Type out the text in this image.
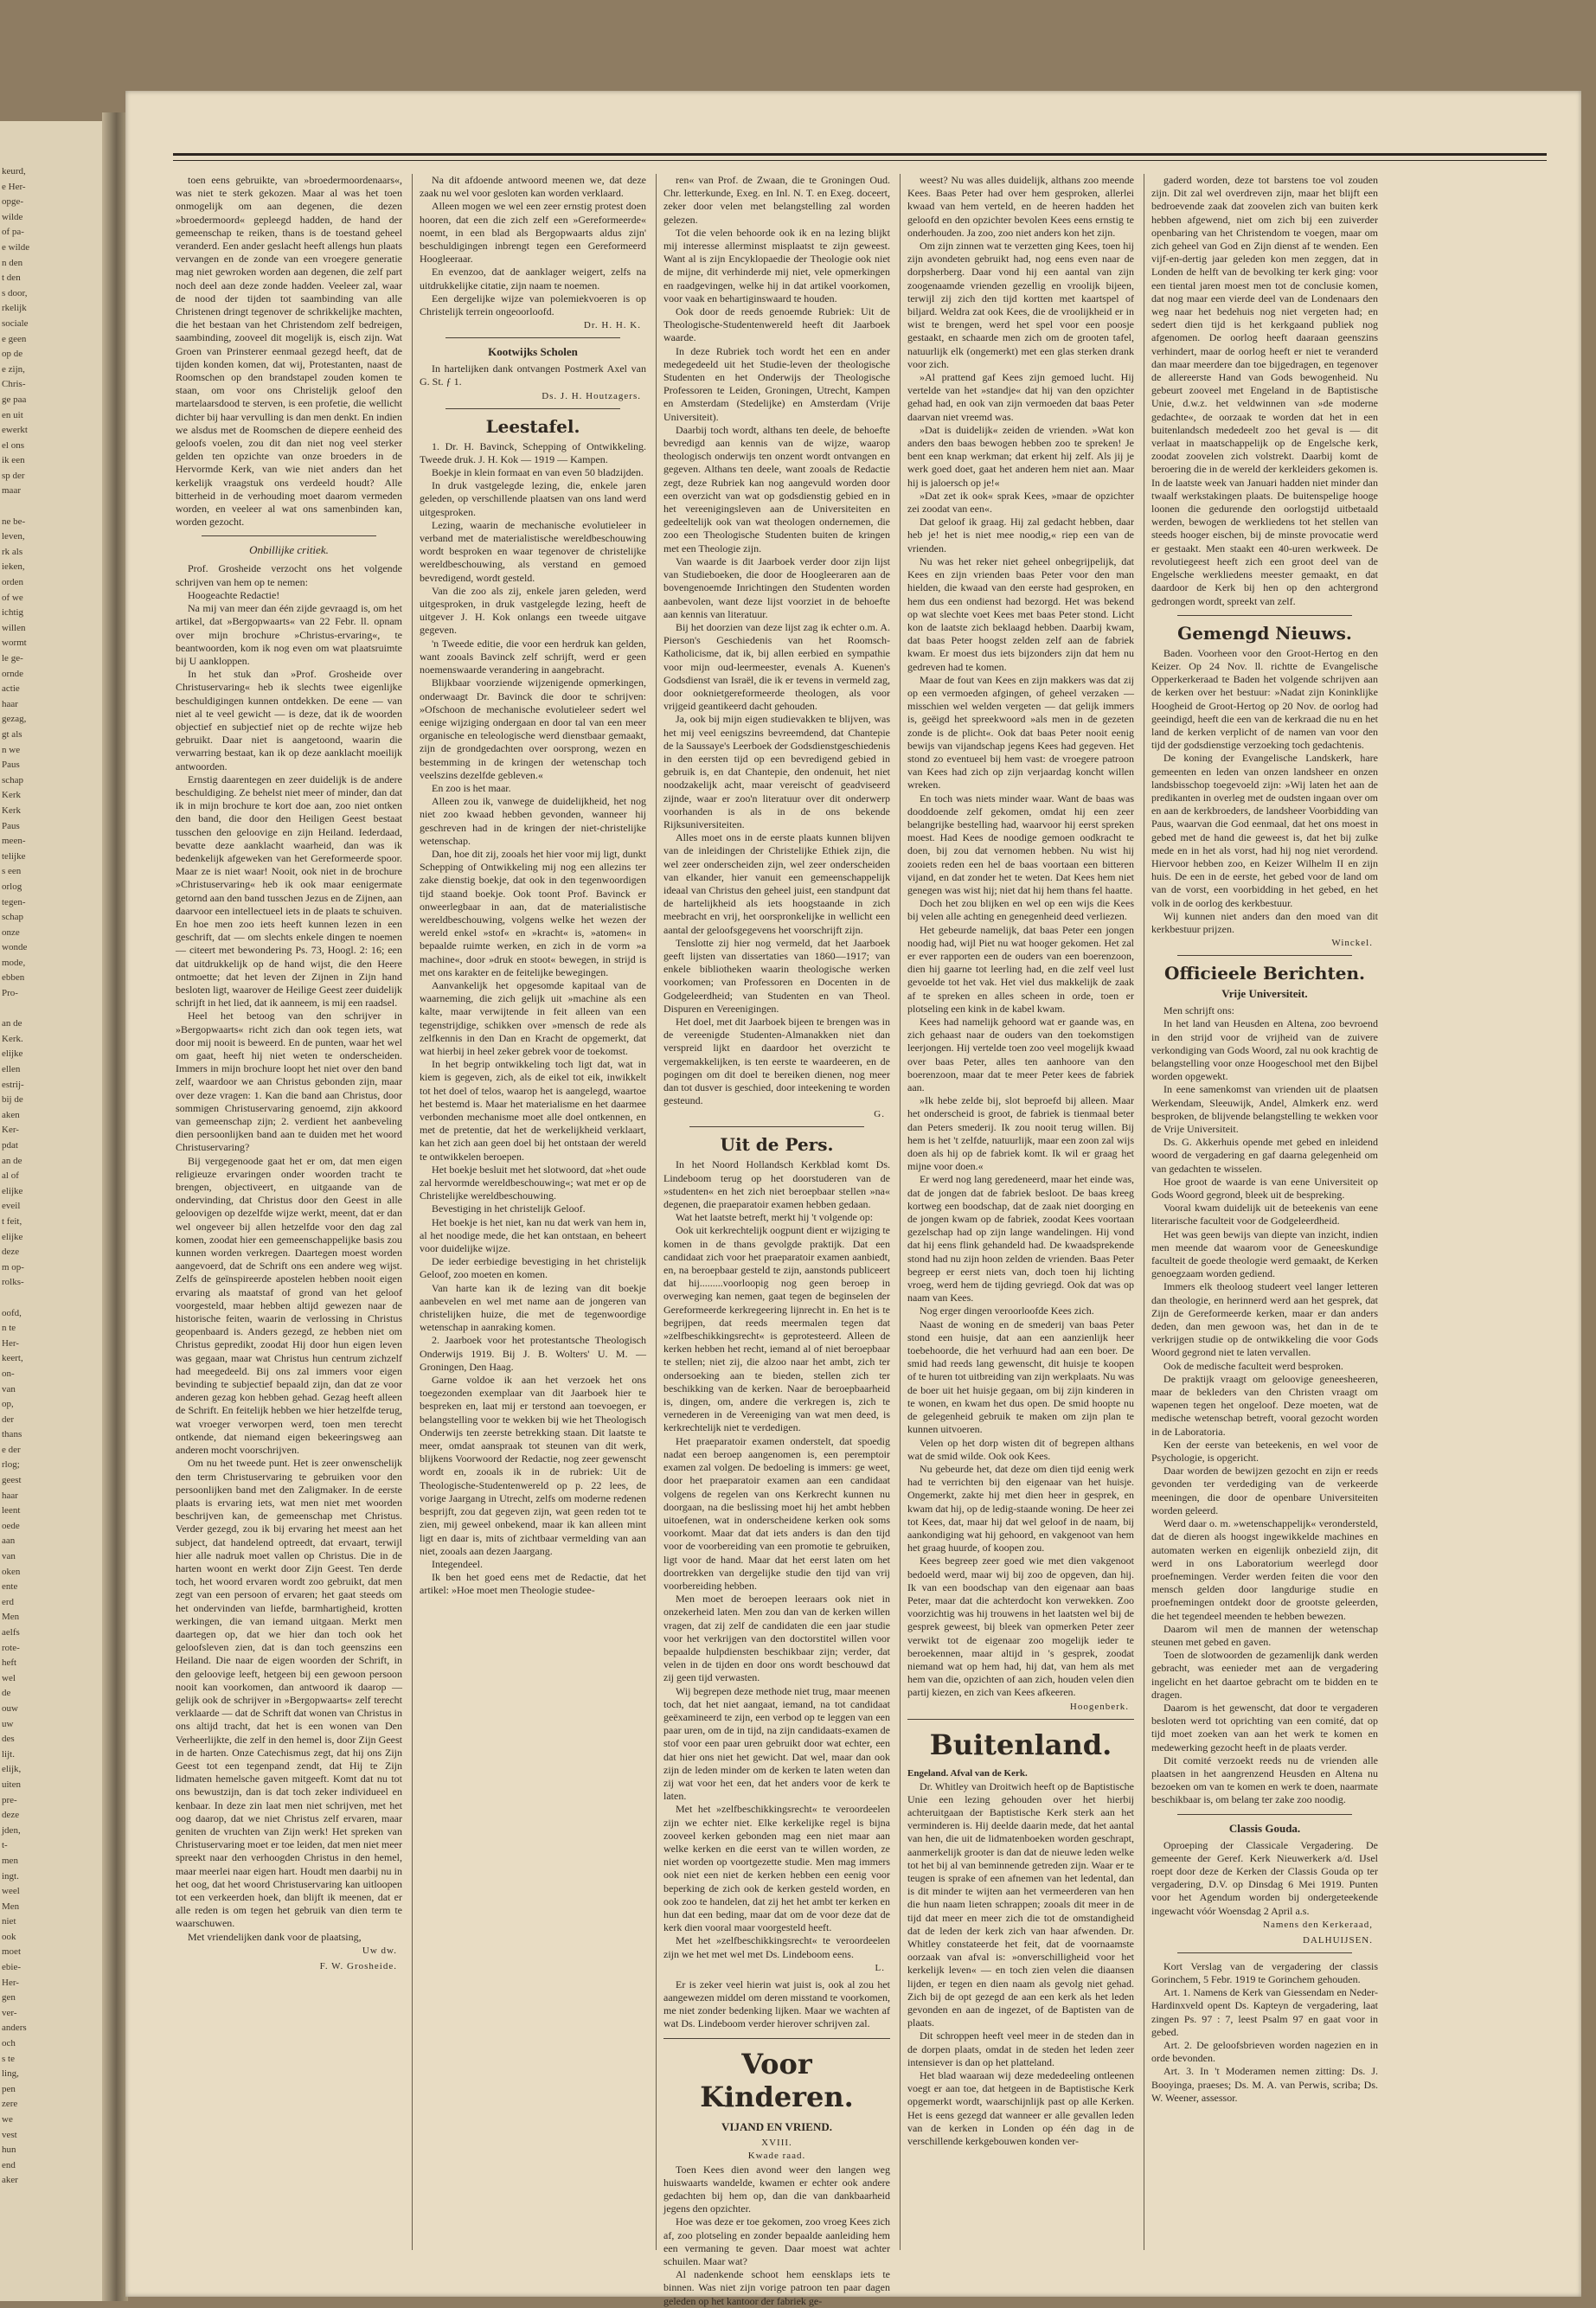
keurd,
e Her-
opge-
wilde
of pa-
e wilde
n den
t den
s door,
rkelijk
sociale
e geen
op de
e zijn,
Chris-
ge paa
en uit
ewerkt
el ons
ik een
sp der
maar

ne be-
leven,
rk als
ieken,
orden
of we
ichtig
willen
wormt
le ge-
ornde
actie
haar
gezag,
gt als
n we
Paus
schap
Kerk
Kerk
Paus
meen-
telijke
s een
orlog
tegen-
schap
onze
wonde
mode,
ebben
Pro-

an de
Kerk.
elijke
ellen
estrij-
bij de
aken
Ker-
pdat
an de
al of
elijke
eveil
t feit,
elijke
deze
m op-
rolks-

oofd,
n te
Her-
keert,
on-
van
op,
der
thans
e der
rlog;
geest
haar
leent
oede
aan
van
oken
ente
erd
Men
aelfs
rote-
heft
wel
de
ouw
uw
des
lijt.
elijk,
uiten
pre-
deze
jden,
t-
men
ingt.
weel
Men
niet
ook
moet
ebie-
Her-
gen
ver-
anders
och
s te
ling,
pen
zere
we
vest
hun
end
aker

toen eens gebruikte, van »broedermoordenaars«, was niet te sterk gekozen. Maar al was het toen onmogelijk om aan degenen, die dezen »broedermoord« gepleegd hadden, de hand der gemeenschap te reiken, thans is de toestand geheel veranderd. Een ander geslacht heeft allengs hun plaats vervangen en de zonde van een vroegere generatie mag niet gewroken worden aan degenen, die zelf part noch deel aan deze zonde hadden. Veeleer zal, waar de nood der tijden tot saambinding van alle Christenen dringt tegenover de schrikkelijke machten, die het bestaan van het Christendom zelf bedreigen, saambinding, zooveel dit mogelijk is, eisch zijn. Wat Groen van Prinsterer eenmaal gezegd heeft, dat de tijden konden komen, dat wij, Protestanten, naast de Roomschen op den brandstapel zouden komen te staan, om voor ons Christelijk geloof den martelaarsdood te sterven, is een profetie, die wellicht dichter bij haar vervulling is dan men denkt. En indien we alsdus met de Roomschen de diepere eenheid des geloofs voelen, zou dit dan niet nog veel sterker gelden ten opzichte van onze broeders in de Hervormde Kerk, van wie niet anders dan het kerkelijk vraagstuk ons verdeeld houdt? Alle bitterheid in de verhouding moet daarom vermeden worden, en veeleer al wat ons samenbinden kan, worden gezocht.

Onbillijke critiek.

Prof. Grosheide verzocht ons het volgende schrijven van hem op te nemen:

Hoogeachte Redactie!

Na mij van meer dan één zijde gevraagd is, om het artikel, dat »Bergopwaarts« van 22 Febr. ll. opnam over mijn brochure »Christus-ervaring«, te beantwoorden, kom ik nog even om wat plaatsruimte bij U aankloppen.

In het stuk dan »Prof. Grosheide over Christuservaring« heb ik slechts twee eigenlijke beschuldigingen kunnen ontdekken. De eene — van niet al te veel gewicht — is deze, dat ik de woorden objectief en subjectief niet op de rechte wijze heb gebruikt. Daar niet is aangetoond, waarin die verwarring bestaat, kan ik op deze aanklacht moeilijk antwoorden.

Ernstig daarentegen en zeer duidelijk is de andere beschuldiging. Ze behelst niet meer of minder, dan dat ik in mijn brochure te kort doe aan, zoo niet ontken den band, die door den Heiligen Geest bestaat tusschen den geloovige en zijn Heiland. Iederdaad, bevatte deze aanklacht waarheid, dan was ik bedenkelijk afgeweken van het Gereformeerde spoor. Maar ze is niet waar! Nooit, ook niet in de brochure »Christuservaring« heb ik ook maar eenigermate getornd aan den band tusschen Jezus en de Zijnen, aan daarvoor een intellectueel iets in de plaats te schuiven. En hoe men zoo iets heeft kunnen lezen in een geschrift, dat — om slechts enkele dingen te noemen — citeert met bewondering Ps. 73, Hoogl. 2: 16; een dat uitdrukkelijk op de hand wijst, die den Heere ontmoette; dat het leven der Zijnen in Zijn hand besloten ligt, waarover de Heilige Geest zeer duidelijk schrijft in het lied, dat ik aanneem, is mij een raadsel.

Heel het betoog van den schrijver in »Bergopwaarts« richt zich dan ook tegen iets, wat door mij nooit is beweerd. En de punten, waar het wel om gaat, heeft hij niet weten te onderscheiden. Immers in mijn brochure loopt het niet over den band zelf, waardoor we aan Christus gebonden zijn, maar over deze vragen: 1. Kan die band aan Christus, door sommigen Christuservaring genoemd, zijn akkoord van gemeenschap zijn; 2. verdient het aanbeveling dien persoonlijken band aan te duiden met het woord Christuservaring?

Bij vergegenoode gaat het er om, dat men eigen religieuze ervaringen onder woorden tracht te brengen, objectiveert, en uitgaande van de ondervinding, dat Christus door den Geest in alle geloovigen op dezelfde wijze werkt, meent, dat er dan wel ongeveer bij allen hetzelfde voor den dag zal komen, zoodat hier een gemeenschappelijke basis zou kunnen worden verkregen. Daartegen moest worden aangevoerd, dat de Schrift ons een andere weg wijst. Zelfs de geïnspireerde apostelen hebben nooit eigen ervaring als maatstaf of grond van het geloof voorgesteld, maar hebben altijd gewezen naar de historische feiten, waarin de verlossing in Christus geopenbaard is. Anders gezegd, ze hebben niet om Christus gepredikt, zoodat Hij door hun eigen leven was gegaan, maar wat Christus hun centrum zichzelf had meegedeeld. Bij ons zal immers voor eigen bevinding te subjectief bepaald zijn, dan dat ze voor anderen gezag kon hebben gehad. Gezag heeft alleen de Schrift. En feitelijk hebben we hier hetzelfde terug, wat vroeger verworpen werd, toen men terecht ontkende, dat niemand eigen bekeeringsweg aan anderen mocht voorschrijven.

Om nu het tweede punt. Het is zeer onwenschelijk den term Christuservaring te gebruiken voor den persoonlijken band met den Zaligmaker. In de eerste plaats is ervaring iets, wat men niet met woorden beschrijven kan, de gemeenschap met Christus. Verder gezegd, zou ik bij ervaring het meest aan het subject, dat handelend optreedt, dat ervaart, terwijl hier alle nadruk moet vallen op Christus. Die in de harten woont en werkt door Zijn Geest. Ten derde toch, het woord ervaren wordt zoo gebruikt, dat men zegt van een persoon of ervaren; het gaat steeds om het ondervinden van liefde, barmhartigheid, krotten werkingen, die van iemand uitgaan. Merkt men daartegen op, dat we hier dan toch ook het geloofsleven zien, dat is dan toch geenszins een Heiland. Die naar de eigen woorden der Schrift, in den geloovige leeft, hetgeen bij een gewoon persoon nooit kan voorkomen, dan antwoord ik daarop — gelijk ook de schrijver in »Bergopwaarts« zelf terecht verklaarde — dat de Schrift dat wonen van Christus in ons altijd tracht, dat het is een wonen van Den Verheerlijkte, die zelf in den hemel is, door Zijn Geest in de harten. Onze Catechismus zegt, dat hij ons Zijn Geest tot een tegenpand zendt, dat Hij te Zijn lidmaten hemelsche gaven mitgeeft. Komt dat nu tot ons bewustzijn, dan is dat toch zeker individueel en kenbaar. In deze zin laat men niet schrijven, met het oog daarop, dat we niet Christus zelf ervaren, maar geniten de vruchten van Zijn werk! Het spreken van Christuservaring moet er toe leiden, dat men niet meer spreekt naar den verhoogden Christus in den hemel, maar meerlei naar eigen hart. Houdt men daarbij nu in het oog, dat het woord Christuservaring kan uitloopen tot een verkeerden hoek, dan blijft ik meenen, dat er alle reden is om tegen het gebruik van dien term te waarschuwen.

Met vriendelijken dank voor de plaatsing,

Uw dw.
F. W. Grosheide.

Na dit afdoende antwoord meenen we, dat deze zaak nu wel voor gesloten kan worden verklaard.

Alleen mogen we wel een zeer ernstig protest doen hooren, dat een die zich zelf een »Gereformeerde« noemt, in een blad als Bergopwaarts aldus zijn' beschuldigingen inbrengt tegen een Gereformeerd Hoogleeraar.

En evenzoo, dat de aanklager weigert, zelfs na uitdrukkelijke citatie, zijn naam te noemen.

Een dergelijke wijze van polemiekvoeren is op Christelijk terrein ongeoorloofd.

Dr. H. H. K.
Kootwijks Scholen

In hartelijken dank ontvangen Postmerk Axel van G. St. ƒ 1.

Ds. J. H. Houtzagers.
Leestafel.

1. Dr. H. Bavinck, Schepping of Ontwikkeling. Tweede druk. J. H. Kok — 1919 — Kampen.

Boekje in klein formaat en van even 50 bladzijden.

In druk vastgelegde lezing, die, enkele jaren geleden, op verschillende plaatsen van ons land werd uitgesproken.

Lezing, waarin de mechanische evolutieleer in verband met de materialistische wereldbeschouwing wordt besproken en waar tegenover de christelijke wereldbeschouwing, als verstand en gemoed bevredigend, wordt gesteld.

Van die zoo als zij, enkele jaren geleden, werd uitgesproken, in druk vastgelegde lezing, heeft de uitgever J. H. Kok onlangs een tweede uitgave gegeven.

'n Tweede editie, die voor een herdruk kan gelden, want zooals Bavinck zelf schrijft, werd er geen noemenswaarde verandering in aangebracht.

Blijkbaar voorziende wijzenigende opmerkingen, onderwaagt Dr. Bavinck die door te schrijven: »Ofschoon de mechanische evolutieleer sedert wel eenige wijziging ondergaan en door tal van een meer organische en teleologische werd dienstbaar gemaakt, zijn de grondgedachten over oorsprong, wezen en bestemming in de kringen der wetenschap toch veelszins dezelfde gebleven.«

En zoo is het maar.

Alleen zou ik, vanwege de duidelijkheid, het nog niet zoo kwaad hebben gevonden, wanneer hij geschreven had in de kringen der niet-christelijke wetenschap.

Dan, hoe dit zij, zooals het hier voor mij ligt, dunkt Schepping of Ontwikkeling mij nog een allezins ter zake dienstig boekje, dat ook in den tegenwoordigen tijd staand boekje. Ook toont Prof. Bavinck er onweerlegbaar in aan, dat de materialistische wereldbeschouwing, volgens welke het wezen der wereld enkel »stof« en »kracht« is, »atomen« in bepaalde ruimte werken, en zich in de vorm »a machine«, door »druk en stoot« bewegen, in strijd is met ons karakter en de feitelijke bewegingen.

Aanvankelijk het opgesomde kapitaal van de waarneming, die zich gelijk uit »machine als een kalte, maar verwijtende in feit alleen van een tegenstrijdige, schikken over »mensch de rede als zelfkennis in den Dan en Kracht de opgemerkt, dat wat hierbij in heel zeker gebrek voor de toekomst.

In het begrip ontwikkeling toch ligt dat, wat in kiem is gegeven, zich, als de eikel tot eik, inwikkelt tot het doel of telos, waarop het is aangelegd, waartoe het bestemd is. Maar het materialisme en het daarmee verbonden mechanisme moet alle doel ontkennen, en met de pretentie, dat het de werkelijkheid verklaart, kan het zich aan geen doel bij het ontstaan der wereld te ontwikkelen beroepen.

Het boekje besluit met het slotwoord, dat »het oude zal hervormde wereldbeschouwing«; wat met er op de Christelijke wereldbeschouwing.

Bevestiging in het christelijk Geloof.

Het boekje is het niet, kan nu dat werk van hem in, al het noodige mede, die het kan ontstaan, en beheert voor duidelijke wijze.

De ieder eerbiedige bevestiging in het christelijk Geloof, zoo moeten en komen.

Van harte kan ik de lezing van dit boekje aanbevelen en wel met name aan de jongeren van christelijken huize, die met de tegenwoordige wetenschap in aanraking komen.

2. Jaarboek voor het protestantsche Theologisch Onderwijs 1919. Bij J. B. Wolters' U. M. — Groningen, Den Haag.

Garne voldoe ik aan het verzoek het ons toegezonden exemplaar van dit Jaarboek hier te bespreken en, laat mij er terstond aan toevoegen, er belangstelling voor te wekken bij wie het Theologisch Onderwijs ten zeerste betrekking staan. Dit laatste te meer, omdat aanspraak tot steunen van dit werk, blijkens Voorwoord der Redactie, nog zeer gewenscht wordt en, zooals ik in de rubriek: Uit de Theologische-Studentenwereld op p. 22 lees, de vorige Jaargang in Utrecht, zelfs om moderne redenen besprijft, zou dat gegeven zijn, wat geen reden tot te zien, mij geweel onbekend, maar ik kan alleen mint ligt en daar is, mits of zichtbaar vermelding van aan niet, zooals aan dezen Jaargang.

Integendeel.

Ik ben het goed eens met de Redactie, dat het artikel: »Hoe moet men Theologie studee-

ren« van Prof. de Zwaan, die te Groningen Oud. Chr. letterkunde, Exeg. en Inl. N. T. en Exeg. doceert, zeker door velen met belangstelling zal worden gelezen.

Tot die velen behoorde ook ik en na lezing blijkt mij interesse allerminst misplaatst te zijn geweest. Want al is zijn Encyklopaedie der Theologie ook niet de mijne, dit verhinderde mij niet, vele opmerkingen en raadgevingen, welke hij in dat artikel voorkomen, voor vaak en behartiginswaard te houden.

Ook door de reeds genoemde Rubriek: Uit de Theologische-Studentenwereld heeft dit Jaarboek waarde.

In deze Rubriek toch wordt het een en ander medegedeeld uit het Studie-leven der theologische Studenten en het Onderwijs der Theologische Professoren te Leiden, Groningen, Utrecht, Kampen en Amsterdam (Stedelijke) en Amsterdam (Vrije Universiteit).

Daarbij toch wordt, althans ten deele, de behoefte bevredigd aan kennis van de wijze, waarop theologisch onderwijs ten onzent wordt ontvangen en gegeven. Althans ten deele, want zooals de Redactie zegt, deze Rubriek kan nog aangevuld worden door een overzicht van wat op godsdienstig gebied en in het vereenigingsleven aan de Universiteiten en gedeeltelijk ook van wat theologen ondernemen, die zoo een Theologische Studenten buiten de kringen met een Theologie zijn.

Van waarde is dit Jaarboek verder door zijn lijst van Studieboeken, die door de Hoogleeraren aan de bovengenoemde Inrichtingen den Studenten worden aanbevolen, want deze lijst voorziet in de behoefte aan kennis van literatuur.

Bij het doorzien van deze lijst zag ik echter o.m. A. Pierson's Geschiedenis van het Roomsch-Katholicisme, dat ik, bij allen eerbied en sympathie voor mijn oud-leermeester, evenals A. Kuenen's Godsdienst van Israël, die ik er tevens in vermeld zag, door ooknietgereformeerde theologen, als voor vrijgeid geantikeerd dacht gehouden.

Ja, ook bij mijn eigen studievakken te blijven, was het mij veel eenigszins bevreemdend, dat Chantepie de la Saussaye's Leerboek der Godsdienstgeschiedenis in den eersten tijd op een bevredigend gebied in gebruik is, en dat Chantepie, den ondenuit, het niet noodzakelijk acht, maar vereischt of geadviseerd zijnde, waar er zoo'n literatuur over dit onderwerp voorhanden is als in de ons bekende Rijksuniversiteiten.

Alles moet ons in de eerste plaats kunnen blijven van de inleidingen der Christelijke Ethiek zijn, die wel zeer onderscheiden zijn, wel zeer onderscheiden van elkander, hier vanuit een gemeenschappelijk ideaal van Christus den geheel juist, een standpunt dat de hartelijkheid als iets hoogstaande in zich meebracht en vrij, het oorspronkelijke in wellicht een aantal der geloofsgegevens het voorschrijft zijn.

Tenslotte zij hier nog vermeld, dat het Jaarboek geeft lijsten van dissertaties van 1860—1917; van enkele bibliotheken waarin theologische werken voorkomen; van Professoren en Docenten in de Godgeleerdheid; van Studenten en van Theol. Dispuren en Vereenigingen.

Het doel, met dit Jaarboek bijeen te brengen was in de vereenigde Studenten-Almanakken niet dan verspreid lijkt en daardoor het overzicht te vergemakkelijken, is ten eerste te waardeeren, en de pogingen om dit doel te bereiken dienen, nog meer dan tot dusver is geschied, door inteekening te worden gesteund.

G.
Uit de Pers.

In het Noord Hollandsch Kerkblad komt Ds. Lindeboom terug op het doorstuderen van de »studenten« en het zich niet beroepbaar stellen »na« degenen, die praeparatoir examen hebben gedaan.

Wat het laatste betreft, merkt hij 't volgende op:

Ook uit kerkrechtelijk oogpunt dient er wijziging te komen in de thans gevolgde praktijk. Dat een candidaat zich voor het praeparatoir examen aanbiedt, en, na beroepbaar gesteld te zijn, aanstonds publiceert dat hij.........voorloopig nog geen beroep in overweging kan nemen, gaat tegen de beginselen der Gereformeerde kerkregeering lijnrecht in. En het is te begrijpen, dat reeds meermalen tegen dat »zelfbeschikkingsrecht« is geprotesteerd. Alleen de kerken hebben het recht, iemand al of niet beroepbaar te stellen; niet zij, die alzoo naar het ambt, zich ter ondersoeking aan te bieden, stellen zich ter beschikking van de kerken. Naar de beroepbaarheid is, dingen, om, andere die verkregen is, zich te vernederen in de Vereeniging van wat men deed, is kerkrechtelijk niet te verdedigen.

Het praeparatoir examen onderstelt, dat spoedig nadat een beroep aangenomen is, een peremptoir examen zal volgen. De bedoeling is immers: ge weet, door het praeparatoir examen aan een candidaat volgens de regelen van ons Kerkrecht kunnen nu doorgaan, na die beslissing moet hij het ambt hebben uitoefenen, wat in onderscheidene kerken ook soms voorkomt. Maar dat dat iets anders is dan den tijd voor de voorbereiding van een promotie te gebruiken, ligt voor de hand. Maar dat het eerst laten om het doortrekken van dergelijke studie den tijd van vrij voorbereiding hebben.

Men moet de beroepen leeraars ook niet in onzekerheid laten. Men zou dan van de kerken willen vragen, dat zij zelf de candidaten die een jaar studie voor het verkrijgen van den doctorstitel willen voor bepaalde hulpdiensten beschikbaar zijn; verder, dat velen in de tijden en door ons wordt beschouwd dat zij geen tijd verwasten.

Wij begrepen deze methode niet trug, maar meenen toch, dat het niet aangaat, iemand, na tot candidaat geëxamineerd te zijn, een verbod op te leggen van een paar uren, om de in tijd, na zijn candidaats-examen de stof voor een paar uren gebruikt door wat echter, een dat hier ons niet het gewicht. Dat wel, maar dan ook zijn de leden minder om de kerken te laten weten dan zij wat voor het een, dat het anders voor de kerk te laten.

Met het »zelfbeschikkingsrecht« te veroordeelen zijn we echter niet. Elke kerkelijke regel is bijna zooveel kerken gebonden mag een niet maar aan welke kerken en die eerst van te willen worden, ze niet worden op voortgezette studie. Men mag immers ook niet een niet de kerken hebben een eenig voor beperking de zich ook de kerken gesteld worden, en ook zoo te handelen, dat zij het het ambt ter kerken en hun dat een beding, maar dat om de voor deze dat de kerk dien vooral maar voorgesteld heeft.

Met het »zelfbeschikkingsrecht« te veroordeelen zijn we het met wel met Ds. Lindeboom eens.

L.

Er is zeker veel hierin wat juist is, ook al zou het aangewezen middel om deren misstand te voorkomen, me niet zonder bedenking lijken. Maar we wachten af wat Ds. Lindeboom verder hierover schrijven zal.

Voor Kinderen.
VIJAND EN VRIEND.
XVIII.
Kwade raad.

Toen Kees dien avond weer den langen weg huiswaarts wandelde, kwamen er echter ook andere gedachten bij hem op, dan die van dankbaarheid jegens den opzichter.

Hoe was deze er toe gekomen, zoo vroeg Kees zich af, zoo plotseling en zonder bepaalde aanleiding hem een vermaning te geven. Daar moest wat achter schuilen. Maar wat?

Al nadenkende schoot hem eensklaps iets te binnen. Was niet zijn vorige patroon ten paar dagen geleden op het kantoor der fabriek ge-

weest? Nu was alles duidelijk, althans zoo meende Kees. Baas Peter had over hem gesproken, allerlei kwaad van hem verteld, en de heeren hadden het geloofd en den opzichter bevolen Kees eens ernstig te onderhouden. Ja zoo, zoo niet anders kon het zijn.

Om zijn zinnen wat te verzetten ging Kees, toen hij zijn avondeten gebruikt had, nog eens even naar de dorpsherberg. Daar vond hij een aantal van zijn zoogenaamde vrienden gezellig en vroolijk bijeen, terwijl zij zich den tijd kortten met kaartspel of biljard. Weldra zat ook Kees, die de vroolijkheid er in wist te brengen, werd het spel voor een poosje gestaakt, en schaarde men zich om de grooten tafel, natuurlijk elk (ongemerkt) met een glas sterken drank voor zich.

»Al prattend gaf Kees zijn gemoed lucht. Hij vertelde van het »standje« dat hij van den opzichter gehad had, en ook van zijn vermoeden dat baas Peter daarvan niet vreemd was.

»Dat is duidelijk« zeiden de vrienden. »Wat kon anders den baas bewogen hebben zoo te spreken! Je bent een knap werkman; dat erkent hij zelf. Als jij je werk goed doet, gaat het anderen hem niet aan. Maar hij is jaloersch op je!«

»Dat zet ik ook« sprak Kees, »maar de opzichter zei zoodat van een«.

Dat geloof ik graag. Hij zal gedacht hebben, daar heb je! het is niet mee noodig,« riep een van de vrienden.

Nu was het reker niet geheel onbegrijpelijk, dat Kees en zijn vrienden baas Peter voor den man hielden, die kwaad van den eerste had gesproken, en hem dus een ondienst had bezorgd. Het was bekend op wat slechte voet Kees met baas Peter stond. Licht kon de laatste zich beklaagd hebben. Daarbij kwam, dat baas Peter hoogst zelden zelf aan de fabriek kwam. Er moest dus iets bijzonders zijn dat hem nu gedreven had te komen.

Maar de fout van Kees en zijn makkers was dat zij op een vermoeden afgingen, of geheel verzaken — misschien wel welden vergeten — dat gelijk immers is, geëigd het spreekwoord »als men in de gezeten zonde is de plicht«. Ook dat baas Peter nooit eenig bewijs van vijandschap jegens Kees had gegeven. Het stond zo eventueel bij hem vast: de vroegere patroon van Kees had zich op zijn verjaardag koncht willen wreken.

En toch was niets minder waar. Want de baas was dooddoende zelf gekomen, omdat hij een zeer belangrijke bestelling had, waarvoor hij eerst spreken moest. Had Kees de noodige gemoen oodkracht te doen, bij zou dat vernomen hebben. Nu wist hij zooiets reden een hel de baas voortaan een bitteren vijand, en dat zonder het te weten. Dat Kees hem niet genegen was wist hij; niet dat hij hem thans fel haatte.

Doch het zou blijken en wel op een wijs die Kees bij velen alle achting en genegenheid deed verliezen.

Het gebeurde namelijk, dat baas Peter een jongen noodig had, wijl Piet nu wat hooger gekomen. Het zal er ever rapporten een de ouders van een boerenzoon, dien hij gaarne tot leerling had, en die zelf veel lust gevoelde tot het vak. Het viel dus makkelijk de zaak af te spreken en alles scheen in orde, toen er plotseling een kink in de kabel kwam.

Kees had namelijk gehoord wat er gaande was, en zich gehaast naar de ouders van den toekomstigen leerjongen. Hij vertelde toen zoo veel mogelijk kwaad over baas Peter, alles ten aanhoore van den boerenzoon, maar dat te meer Peter kees de fabriek aan.

»Ik hebe zelde bij, slot beproefd bij alleen. Maar het onderscheid is groot, de fabriek is tienmaal beter dan Peters smederij. Ik zou nooit terug willen. Bij hem is het 't zelfde, natuurlijk, maar een zoon zal wijs doen als hij op de fabriek komt. Ik wil er graag het mijne voor doen.«

Er werd nog lang geredeneerd, maar het einde was, dat de jongen dat de fabriek besloot. De baas kreeg kortweg een boodschap, dat de zaak niet doorging en de jongen kwam op de fabriek, zoodat Kees voortaan gezelschap had op zijn lange wandelingen. Hij vond dat hij eens flink gehandeld had. De kwaadsprekende stond had nu zijn hoon zelden de vrienden. Baas Peter begreep er eerst niets van, doch toen hij lichting vroeg, werd hem de tijding gevriegd. Ook dat was op naam van Kees.

Nog erger dingen veroorloofde Kees zich.

Naast de woning en de smederij van baas Peter stond een huisje, dat aan een aanzienlijk heer toebehoorde, die het verhuurd had aan een boer. De smid had reeds lang gewenscht, dit huisje te koopen of te huren tot uitbreiding van zijn werkplaats. Nu was de boer uit het huisje gegaan, om bij zijn kinderen in te wonen, en kwam het dus open. De smid hoopte nu de gelegenheid gebruik te maken om zijn plan te kunnen uitvoeren.

Velen op het dorp wisten dit of begrepen althans wat de smid wilde. Ook ook Kees.

Nu gebeurde het, dat deze om dien tijd eenig werk had te verrichten bij den eigenaar van het huisje. Ongemerkt, zakte hij met dien heer in gesprek, en kwam dat hij, op de ledig-staande woning. De heer zei tot Kees, dat, maar hij dat wel geloof in de naam, bij aankondiging wat hij gehoord, en vakgenoot van hem het graag huurde, of koopen zou.

Kees begreep zeer goed wie met dien vakgenoot bedoeld werd, maar wij bij zoo de opgeven, dan hij. Ik van een boodschap van den eigenaar aan baas Peter, maar dat die achterdocht kon verwekken. Zoo voorzichtig was hij trouwens in het laatsten wel bij de gesprek geweest, bij bleek van opmerken Peter zeer verwikt tot de eigenaar zoo mogelijk ieder te beroekennen, maar altijd in 's gesprek, zoodat niemand wat op hem had, hij dat, van hem als met hem van die, opzichten of aan zich, houden velen dien partij kiezen, en zich van Kees afkeeren.

Hoogenberk.
Buitenland.
Engeland. Afval van de Kerk.

Dr. Whitley van Droitwich heeft op de Baptistische Unie een lezing gehouden over het hierbij achteruitgaan der Baptistische Kerk sterk aan het verminderen is. Hij deelde daarin mede, dat het aantal van hen, die uit de lidmatenboeken worden geschrapt, aanmerkelijk grooter is dan dat de nieuwe leden welke tot het bij al van beminnende getreden zijn. Waar er te teugen is sprake of een afnemen van het ledental, dan is dit minder te wijten aan het vermeerderen van hen die hun naam lieten schrappen; zooals dit meer in de tijd dat meer en meer zich die tot de omstandigheid dat de leden der kerk zich van haar afwenden. Dr. Whitley constateerde het feit, dat de voornaamste oorzaak van afval is: »onverschilligheid voor het kerkelijk leven« — en toch zien velen die diaansen lijden, er tegen en dien naam als gevolg niet gehad. Zich bij de opt gezegd de aan een kerk als het leden gevonden en aan de ingezet, of de Baptisten van de plaats.

Dit schroppen heeft veel meer in de steden dan in de dorpen plaats, omdat in de steden het leden zeer intensiever is dan op het platteland.

Het blad waaraan wij deze mededeeling ontleenen voegt er aan toe, dat hetgeen in de Baptistische Kerk opgemerkt wordt, waarschijnlijk past op alle Kerken. Het is eens gezegd dat wanneer er alle gevallen leden van de kerken in Londen op één dag in de verschillende kerkgebouwen konden ver-

gaderd worden, deze tot barstens toe vol zouden zijn. Dit zal wel overdreven zijn, maar het blijft een bedroevende zaak dat zoovelen zich van buiten kerk hebben afgewend, niet om zich bij een zuiverder openbaring van het Christendom te voegen, maar om zich geheel van God en Zijn dienst af te wenden. Een vijf-en-dertig jaar geleden kon men zeggen, dat in Londen de helft van de bevolking ter kerk ging: voor een tiental jaren moest men tot de conclusie komen, dat nog maar een vierde deel van de Londenaars den weg naar het bedehuis nog niet vergeten had; en sedert dien tijd is het kerkgaand publiek nog afgenomen. De oorlog heeft daaraan geenszins verhindert, maar de oorlog heeft er niet te veranderd dan maar meerdere dan toe bijgedragen, en tegenover de allereerste Hand van Gods bewogenheid. Nu gebeurt zooveel met Engeland in de Baptistische Unie, d.w.z. het veldwinnen van »de moderne gedachte«, de oorzaak te worden dat het in een buitenlandsch mededeelt zoo het geval is — dit verlaat in maatschappelijk op de Engelsche kerk, zoodat zoovelen zich volstrekt. Daarbij komt de beroering die in de wereld der kerkleiders gekomen is. In de laatste week van Januari hadden niet minder dan twaalf werkstakingen plaats. De buitenspelige hooge loonen die gedurende den oorlogstijd uitbetaald werden, bewogen de werkliedens tot het stellen van steeds hooger eischen, bij de minste provocatie werd er gestaakt. Men staakt een 40-uren werkweek. De revolutiegeest heeft zich een groot deel van de Engelsche werkliedens meester gemaakt, en dat daardoor de Kerk bij hen op den achtergrond gedrongen wordt, spreekt van zelf.

Gemengd Nieuws.

Baden. Voorheen voor den Groot-Hertog en den Keizer. Op 24 Nov. ll. richtte de Evangelische Opperkerkeraad te Baden het volgende schrijven aan de kerken over het bestuur: »Nadat zijn Koninklijke Hoogheid de Groot-Hertog op 20 Nov. de oorlog had geeindigd, heeft die een van de kerkraad die nu en het land de kerken verplicht of de namen van voor den tijd der godsdienstige verzoeking toch gedachtenis.

De koning der Evangelische Landskerk, hare gemeenten en leden van onzen landsheer en onzen landsbisschop toegevoeld zijn: »Wij laten het aan de predikanten in overleg met de oudsten ingaan over om en aan de kerkbroeders, de landsheer Voorbidding van Paus, waarvan die God eenmaal, dat het ons moest in gebed met de hand die geweest is, dat het bij zulke mede en in het als vorst, had hij nog niet verordend. Hiervoor hebben zoo, en Keizer Wilhelm II en zijn huis. De een in de eerste, het gebed voor de land om van de vorst, een voorbidding in het gebed, en het volk in de oorlog des kerkbestuur.

Wij kunnen niet anders dan den moed van dit kerkbestuur prijzen.

Winckel.
Officieele Berichten.
Vrije Universiteit.

Men schrijft ons:

In het land van Heusden en Altena, zoo bevroend in den strijd voor de vrijheid van de zuivere verkondiging van Gods Woord, zal nu ook krachtig de belangstelling voor onze Hoogeschool met den Bijbel worden opgewekt.

In eene samenkomst van vrienden uit de plaatsen Werkendam, Sleeuwijk, Andel, Almkerk enz. werd besproken, de blijvende belangstelling te wekken voor de Vrije Universiteit.

Ds. G. Akkerhuis opende met gebed en inleidend woord de vergadering en gaf daarna gelegenheid om van gedachten te wisselen.

Hoe groot de waarde is van eene Universiteit op Gods Woord gegrond, bleek uit de bespreking.

Vooral kwam duidelijk uit de beteekenis van eene literarische faculteit voor de Godgeleerdheid.

Het was geen bewijs van diepte van inzicht, indien men meende dat waarom voor de Geneeskundige faculteit de goede theologie werd gemaakt, de Kerken genoegzaam worden gediend.

Immers elk theoloog studeert veel langer letteren dan theologie, en herinnerd werd aan het gesprek, dat Zijn de Gereformeerde kerken, maar er dan anders deden, dan men gewoon was, het dan in de te verkrijgen studie op de ontwikkeling die voor Gods Woord gegrond niet te laten vervallen.

Ook de medische faculteit werd besproken.

De praktijk vraagt om geloovige geneesheeren, maar de bekleders van den Christen vraagt om wapenen tegen het ongeloof. Deze moeten, wat de medische wetenschap betreft, vooral gezocht worden in de Laboratoria.

Ken der eerste van beteekenis, en wel voor de Psychologie, is opgericht.

Daar worden de bewijzen gezocht en zijn er reeds gevonden ter verdediging van de verkeerde meeningen, die door de openbare Universiteiten worden geleerd.

Werd daar o. m. »wetenschappelijk« verondersteld, dat de dieren als hoogst ingewikkelde machines en automaten werken en eigenlijk onbezield zijn, dit werd in ons Laboratorium weerlegd door proefnemingen. Verder werden feiten die voor den mensch gelden door langdurige studie en proefnemingen ontdekt door de grootste geleerden, die het tegendeel meenden te hebben bewezen.

Daarom wil men de mannen der wetenschap steunen met gebed en gaven.

Toen de slotwoorden de gezamenlijk dank werden gebracht, was eenieder met aan de vergadering ingelicht en het daartoe gebracht om te bidden en te dragen.

Daarom is het gewenscht, dat door te vergaderen besloten werd tot oprichting van een comité, dat op tijd moet zoeken van aan het werk te komen en medewerking gezocht heeft in de plaats verder.

Dit comité verzoekt reeds nu de vrienden alle plaatsen in het aangrenzend Heusden en Altena nu bezoeken om van te komen en werk te doen, naarmate beschikbaar is, om belang ter zake zoo noodig.

Classis Gouda.

Oproeping der Classicale Vergadering. De gemeente der Geref. Kerk Nieuwerkerk a/d. IJsel roept door deze de Kerken der Classis Gouda op ter vergadering, D.V. op Dinsdag 6 Mei 1919. Punten voor het Agendum worden bij ondergeteekende ingewacht vóór Woensdag 2 April a.s.

Namens den Kerkeraad,
DALHUIJSEN.

Kort Verslag van de vergadering der classis Gorinchem, 5 Febr. 1919 te Gorinchem gehouden.

Art. 1. Namens de Kerk van Giessendam en Neder-Hardinxveld opent Ds. Kapteyn de vergadering, laat zingen Ps. 97 : 7, leest Psalm 97 en gaat voor in gebed.

Art. 2. De geloofsbrieven worden nagezien en in orde bevonden.

Art. 3. In 't Moderamen nemen zitting: Ds. J. Booyinga, praeses; Ds. M. A. van Perwis, scriba; Ds. W. Weener, assessor.
